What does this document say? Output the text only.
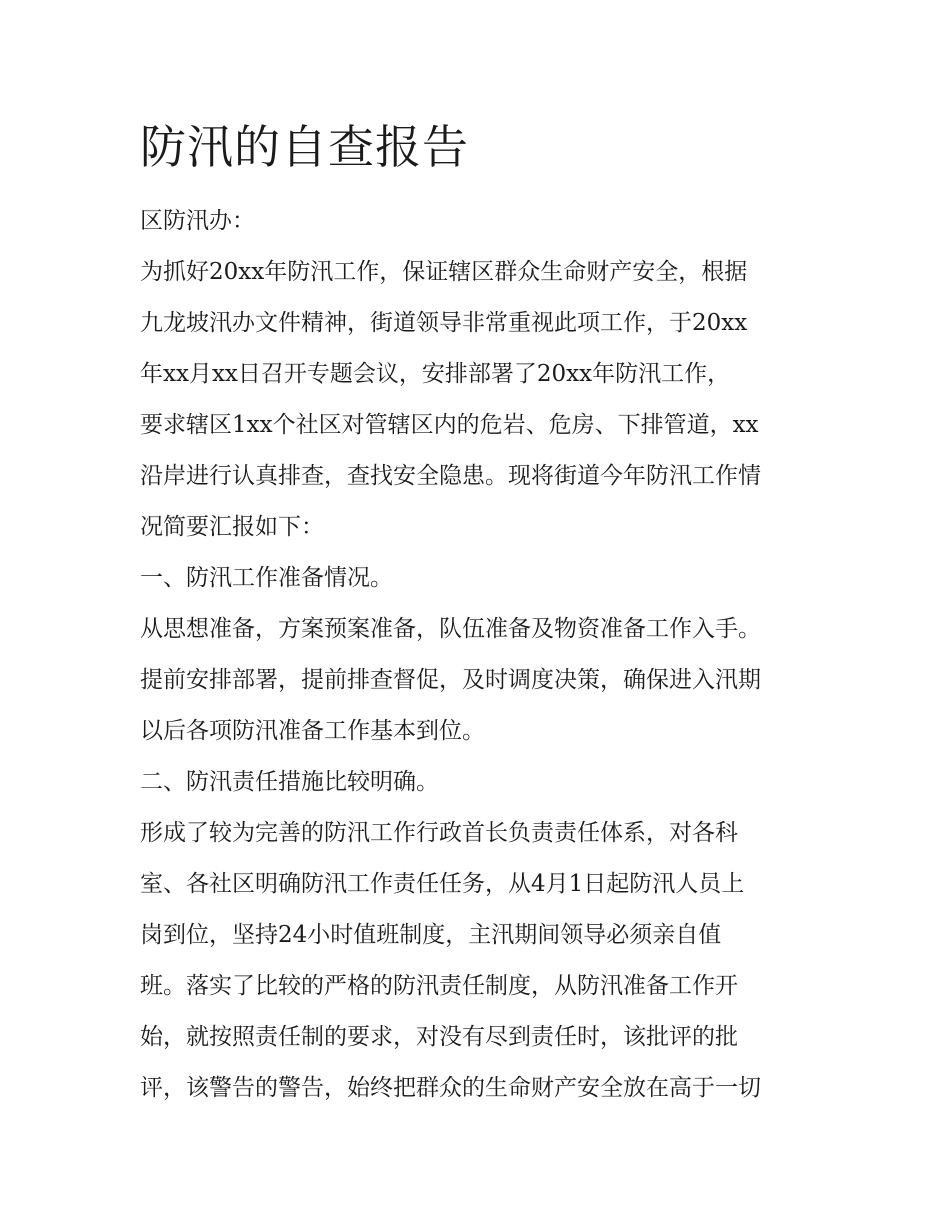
防汛的自查报告
区防汛办：
为抓好20xx年防汛工作，保证辖区群众生命财产安全，根据
九龙坡汛办文件精神，街道领导非常重视此项工作，于20xx
年xx月xx日召开专题会议，安排部署了20xx年防汛工作，
要求辖区1xx个社区对管辖区内的危岩、危房、下排管道，xx
沿岸进行认真排查，查找安全隐患。现将街道今年防汛工作情
况简要汇报如下：
一、防汛工作准备情况。
从思想准备，方案预案准备，队伍准备及物资准备工作入手。
提前安排部署，提前排查督促，及时调度决策，确保进入汛期
以后各项防汛准备工作基本到位。
二、防汛责任措施比较明确。
形成了较为完善的防汛工作行政首长负责责任体系，对各科
室、各社区明确防汛工作责任任务，从4月1日起防汛人员上
岗到位，坚持24小时值班制度，主汛期间领导必须亲自值
班。落实了比较的严格的防汛责任制度，从防汛准备工作开
始，就按照责任制的要求，对没有尽到责任时，该批评的批
评，该警告的警告，始终把群众的生命财产安全放在高于一切
